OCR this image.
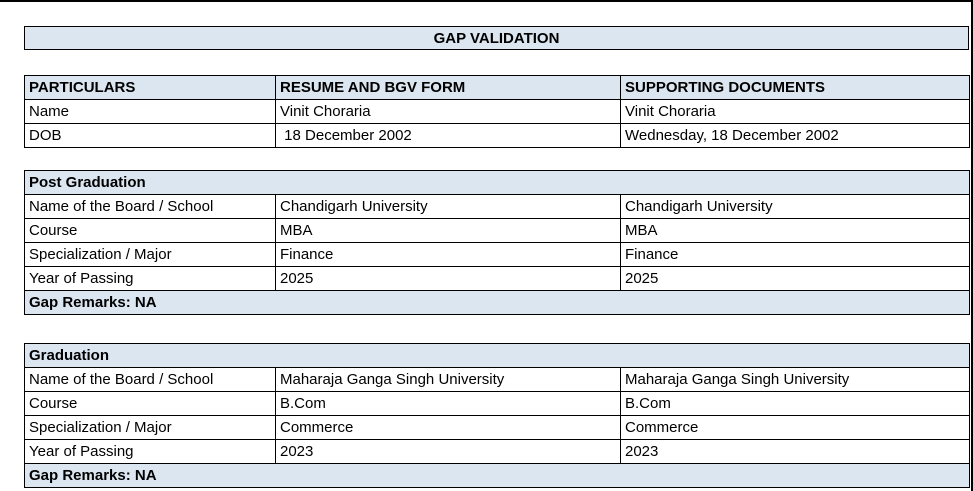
GAP VALIDATION
PARTICULARS	RESUME AND BGV FORM	SUPPORTING DOCUMENTS
Name	Vinit Choraria	Vinit Choraria
DOB	18 December 2002	Wednesday, 18 December 2002
Post Graduation		
Name of the Board / School	Chandigarh University	Chandigarh University
Course	MBA	MBA
Specialization / Major	Finance	Finance
Year of Passing	2025	2025
Gap Remarks: NA		
Graduation		
Name of the Board / School	Maharaja Ganga Singh University	Maharaja Ganga Singh University
Course	B.Com	B.Com
Specialization / Major	Commerce	Commerce
Year of Passing	2023	2023
Gap Remarks: NA		
